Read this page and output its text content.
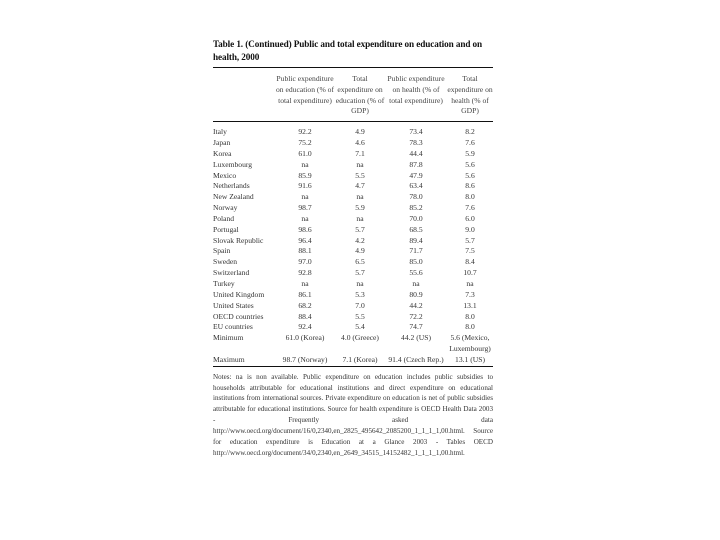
Table 1. (Continued) Public and total expenditure on education and on health, 2000
	Public expenditure on education (% of total expenditure)	Total expenditure on education (% of GDP)	Public expenditure on health (% of total expenditure)	Total expenditure on health (% of GDP)

Italy	92.2	4.9	73.4	8.2
Japan	75.2	4.6	78.3	7.6
Korea	61.0	7.1	44.4	5.9
Luxembourg	na	na	87.8	5.6
Mexico	85.9	5.5	47.9	5.6
Netherlands	91.6	4.7	63.4	8.6
New Zealand	na	na	78.0	8.0
Norway	98.7	5.9	85.2	7.6
Poland	na	na	70.0	6.0
Portugal	98.6	5.7	68.5	9.0
Slovak Republic	96.4	4.2	89.4	5.7
Spain	88.1	4.9	71.7	7.5
Sweden	97.0	6.5	85.0	8.4
Switzerland	92.8	5.7	55.6	10.7
Turkey	na	na	na	na
United Kingdom	86.1	5.3	80.9	7.3
United States	68.2	7.0	44.2	13.1
OECD countries	88.4	5.5	72.2	8.0
EU countries	92.4	5.4	74.7	8.0
Minimum	61.0 (Korea)	4.0 (Greece)	44.2 (US)	5.6 (Mexico, Luxembourg)
Maximum	98.7 (Norway)	7.1 (Korea)	91.4 (Czech Rep.)	13.1 (US)
Notes: na is non available. Public expenditure on education includes public subsidies to households attributable for educational institutions and direct expenditure on educational institutions from international sources. Private expenditure on education is net of public subsidies attributable for educational institutions. Source for health expenditure is OECD Health Data 2003 - Frequently asked data http://www.oecd.org/document/16/0,2340,en_2825_495642_2085200_1_1_1_1,00.html. Source for education expenditure is Education at a Glance 2003 - Tables OECD http://www.oecd.org/document/34/0,2340,en_2649_34515_14152482_1_1_1_1,00.html.
